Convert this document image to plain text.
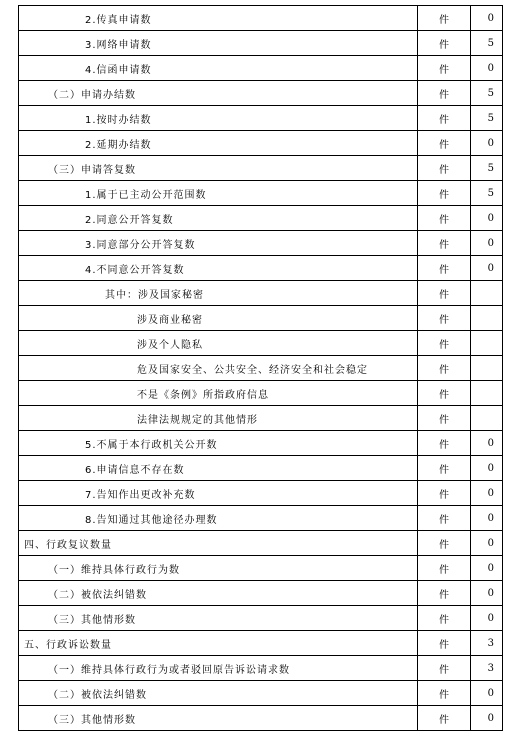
2.传真申请数	件	0
3.网络申请数	件	5
4.信函申请数	件	0
（二）申请办结数	件	5
1.按时办结数	件	5
2.延期办结数	件	0
（三）申请答复数	件	5
1.属于已主动公开范围数	件	5
2.同意公开答复数	件	0
3.同意部分公开答复数	件	0
4.不同意公开答复数	件	0
其中：涉及国家秘密	件	
涉及商业秘密	件	
涉及个人隐私	件	
危及国家安全、公共安全、经济安全和社会稳定	件	
不是《条例》所指政府信息	件	
法律法规规定的其他情形	件	
5.不属于本行政机关公开数	件	0
6.申请信息不存在数	件	0
7.告知作出更改补充数	件	0
8.告知通过其他途径办理数	件	0
四、行政复议数量	件	0
（一）维持具体行政行为数	件	0
（二）被依法纠错数	件	0
（三）其他情形数	件	0
五、行政诉讼数量	件	3
（一）维持具体行政行为或者驳回原告诉讼请求数	件	3
（二）被依法纠错数	件	0
（三）其他情形数	件	0
